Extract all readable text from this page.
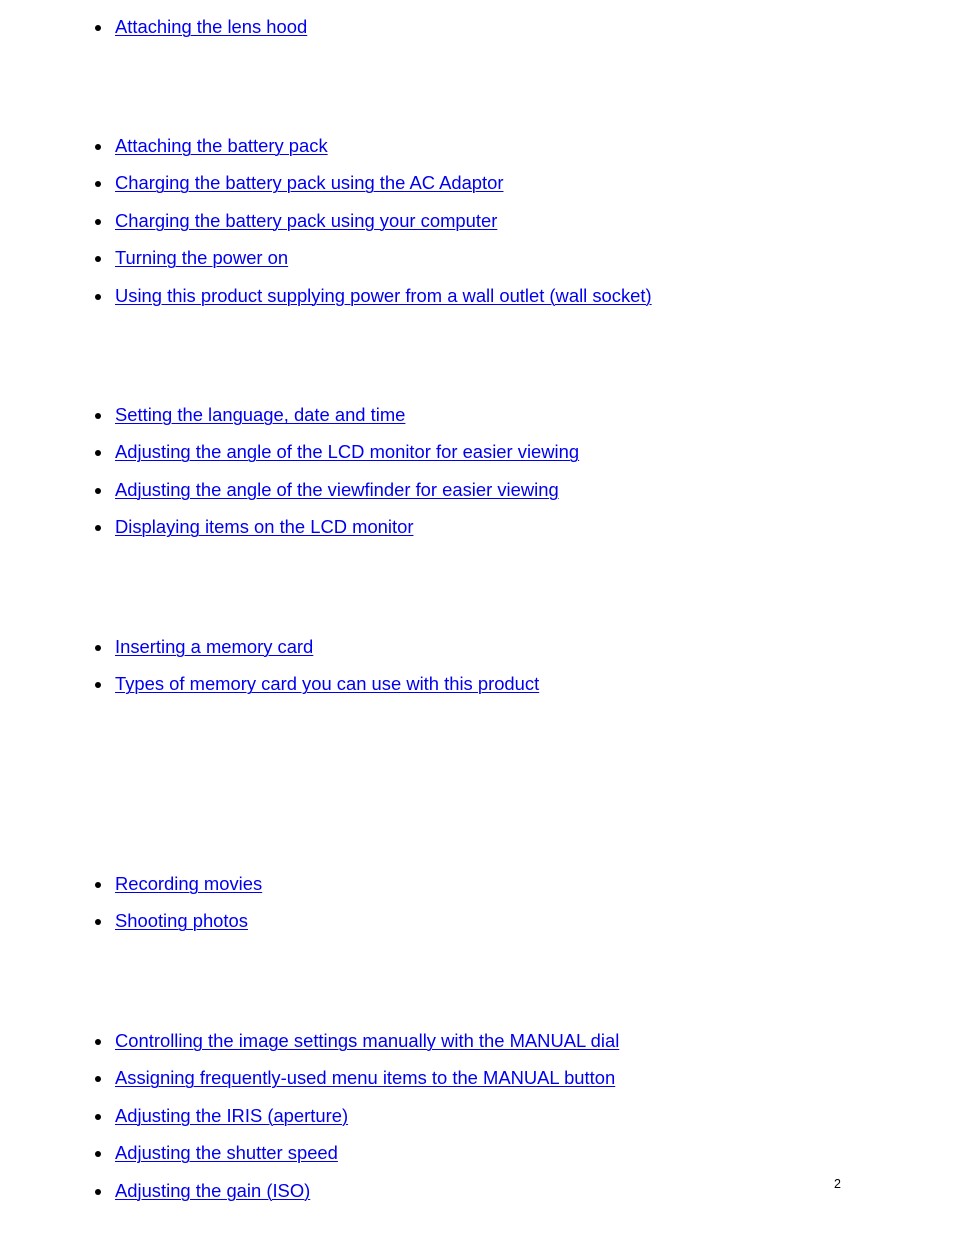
Attaching the lens hood
Attaching the battery pack
Charging the battery pack using the AC Adaptor
Charging the battery pack using your computer
Turning the power on
Using this product supplying power from a wall outlet (wall socket)
Setting the language, date and time
Adjusting the angle of the LCD monitor for easier viewing
Adjusting the angle of the viewfinder for easier viewing
Displaying items on the LCD monitor
Inserting a memory card
Types of memory card you can use with this product
Recording movies
Shooting photos
Controlling the image settings manually with the MANUAL dial
Assigning frequently-used menu items to the MANUAL button
Adjusting the IRIS (aperture)
Adjusting the shutter speed
Adjusting the gain (ISO)	2
